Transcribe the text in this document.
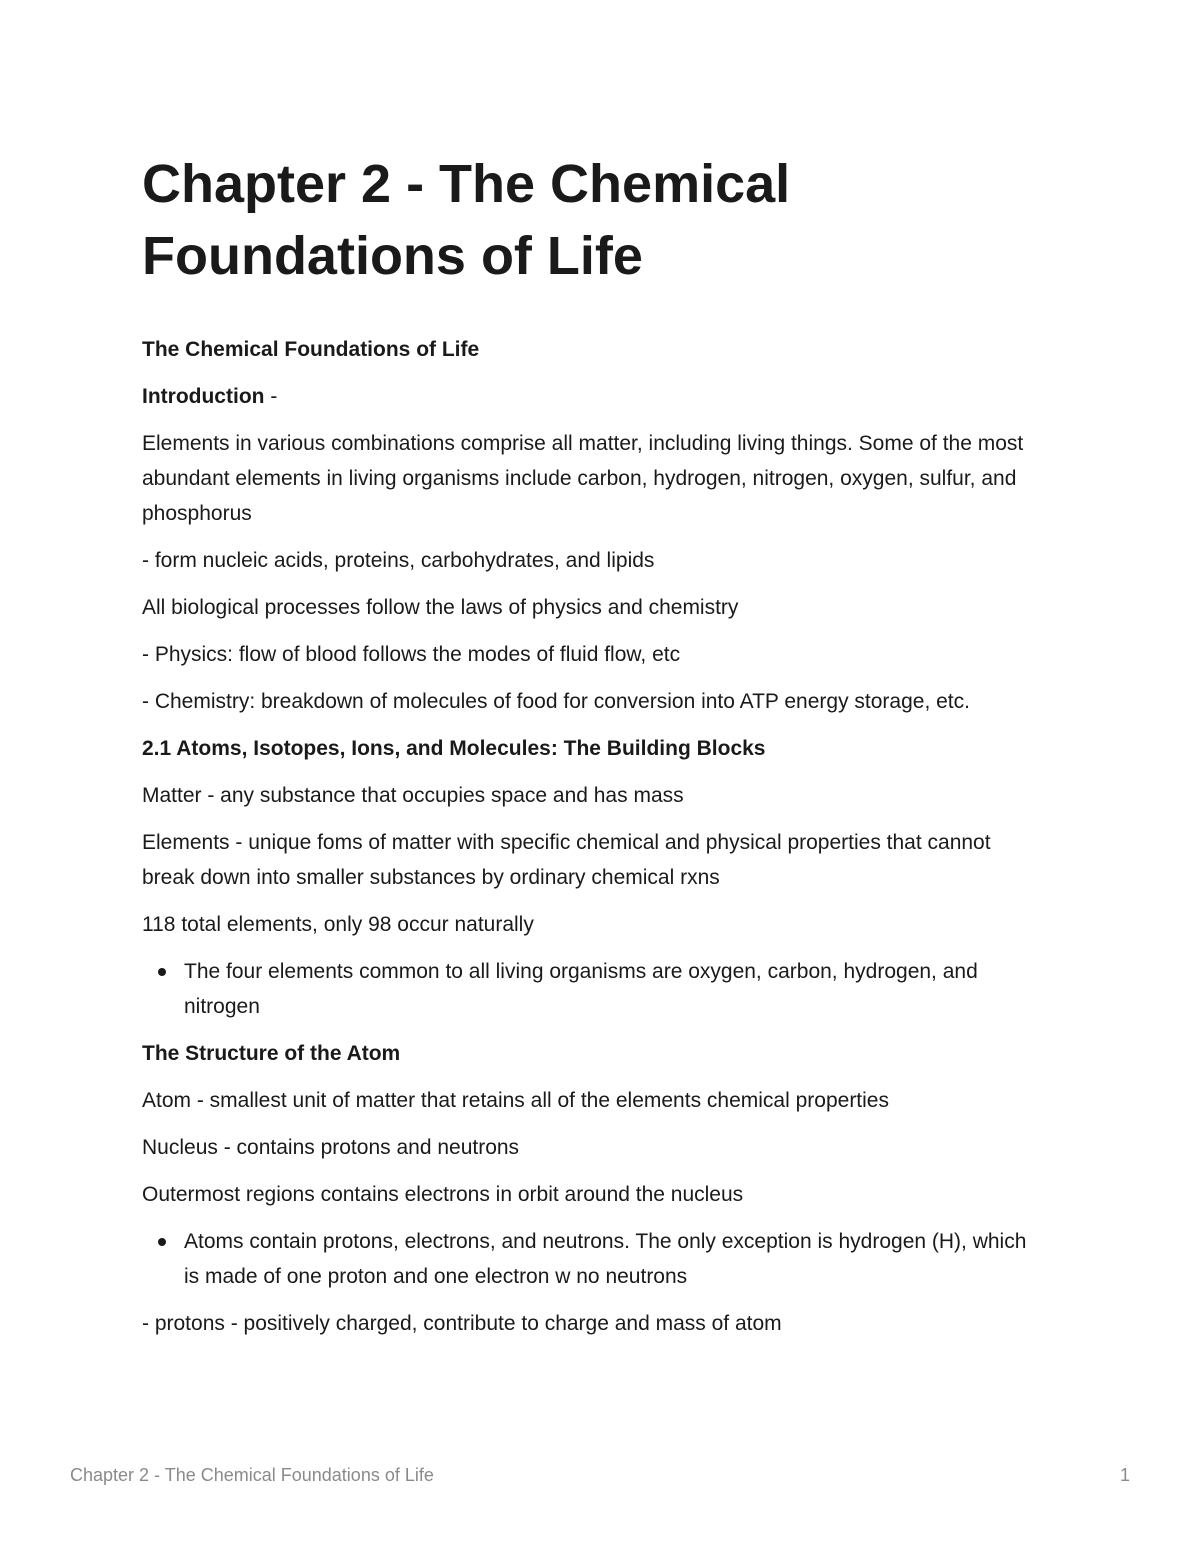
Chapter 2 - The Chemical Foundations of Life

The Chemical Foundations of Life

Introduction -

Elements in various combinations comprise all matter, including living things. Some of the most abundant elements in living organisms include carbon, hydrogen, nitrogen, oxygen, sulfur, and phosphorus

- form nucleic acids, proteins, carbohydrates, and lipids

All biological processes follow the laws of physics and chemistry

- Physics: flow of blood follows the modes of fluid flow, etc

- Chemistry: breakdown of molecules of food for conversion into ATP energy storage, etc.

2.1 Atoms, Isotopes, Ions, and Molecules: The Building Blocks

Matter - any substance that occupies space and has mass

Elements - unique foms of matter with specific chemical and physical properties that cannot break down into smaller substances by ordinary chemical rxns

118 total elements, only 98 occur naturally

The four elements common to all living organisms are oxygen, carbon, hydrogen, and nitrogen

The Structure of the Atom

Atom - smallest unit of matter that retains all of the elements chemical properties

Nucleus - contains protons and neutrons

Outermost regions contains electrons in orbit around the nucleus

Atoms contain protons, electrons, and neutrons. The only exception is hydrogen (H), which is made of one proton and one electron w no neutrons

- protons - positively charged, contribute to charge and mass of atom

Chapter 2 - The Chemical Foundations of Life	1
